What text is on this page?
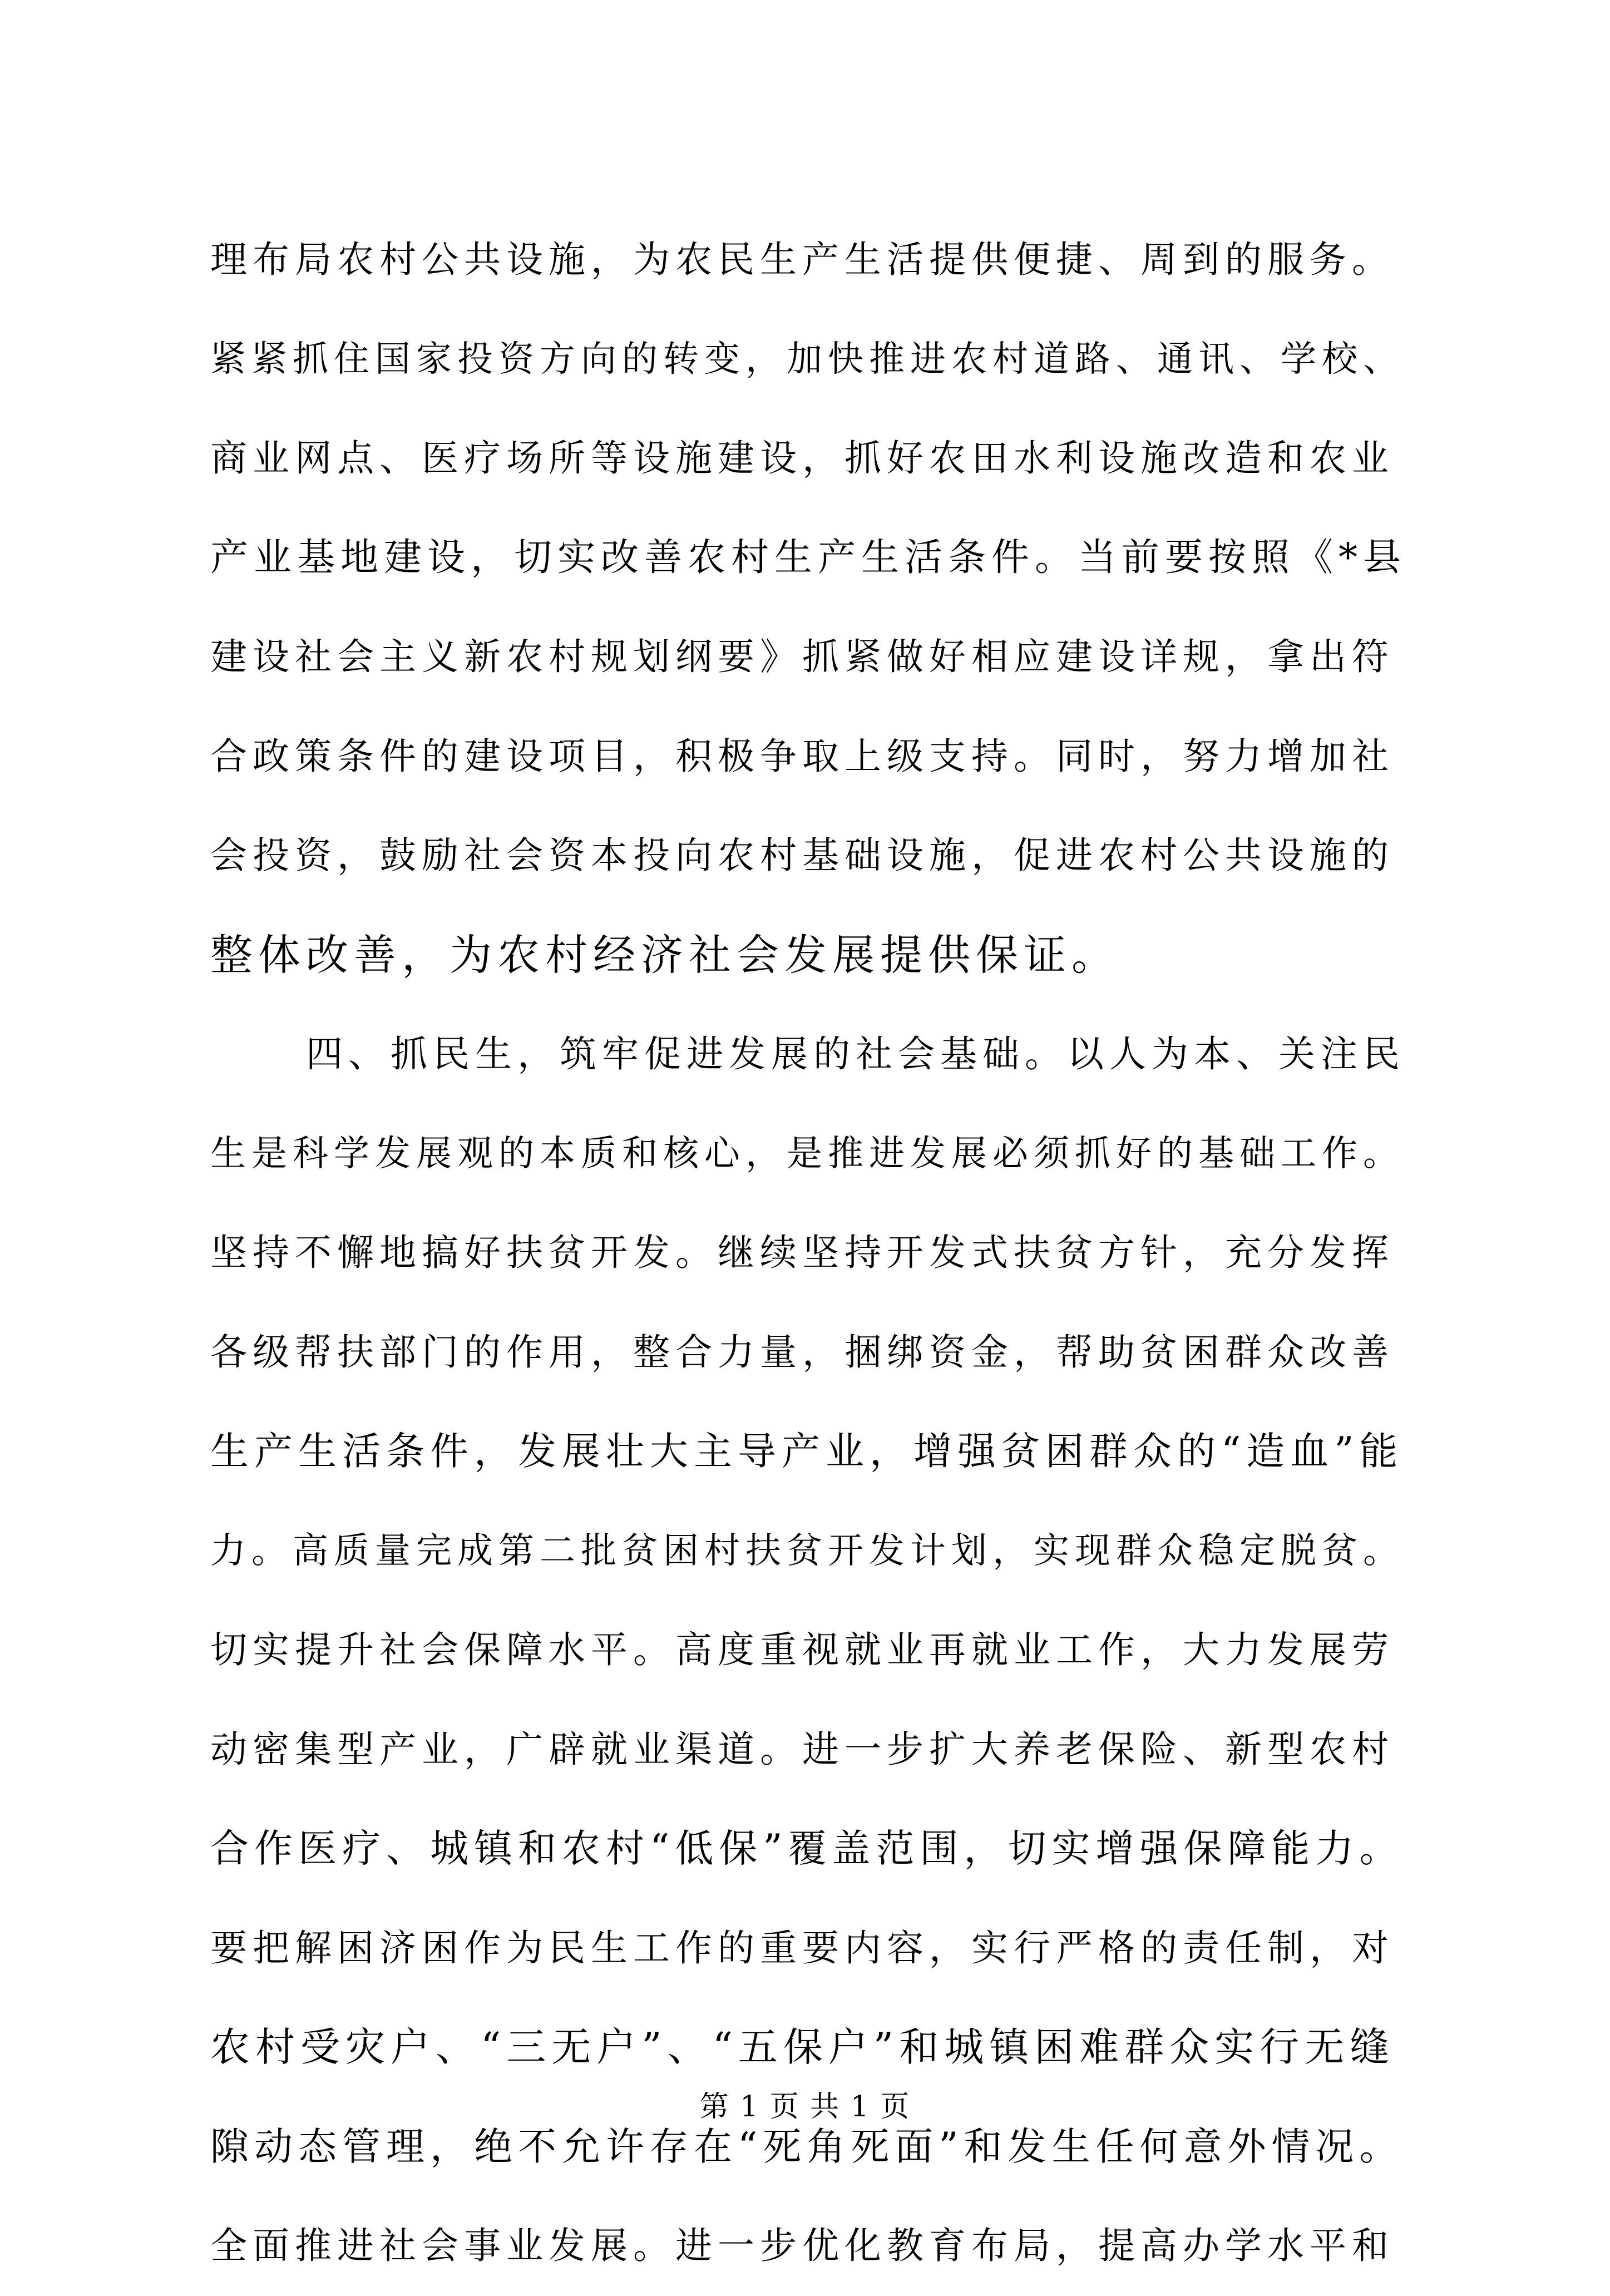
理布局农村公共设施，为农民生产生活提供便捷、周到的服务。
紧紧抓住国家投资方向的转变，加快推进农村道路、通讯、学校、
商业网点、医疗场所等设施建设，抓好农田水利设施改造和农业
产业基地建设，切实改善农村生产生活条件。当前要按照《*县
建设社会主义新农村规划纲要》抓紧做好相应建设详规，拿出符
合政策条件的建设项目，积极争取上级支持。同时，努力增加社
会投资，鼓励社会资本投向农村基础设施，促进农村公共设施的
整体改善，为农村经济社会发展提供保证。
四、抓民生，筑牢促进发展的社会基础。以人为本、关注民
生是科学发展观的本质和核心，是推进发展必须抓好的基础工作。
坚持不懈地搞好扶贫开发。继续坚持开发式扶贫方针，充分发挥
各级帮扶部门的作用，整合力量，捆绑资金，帮助贫困群众改善
生产生活条件，发展壮大主导产业，增强贫困群众的“造血”能
力。高质量完成第二批贫困村扶贫开发计划，实现群众稳定脱贫。
切实提升社会保障水平。高度重视就业再就业工作，大力发展劳
动密集型产业，广辟就业渠道。进一步扩大养老保险、新型农村
合作医疗、城镇和农村“低保”覆盖范围，切实增强保障能力。
要把解困济困作为民生工作的重要内容，实行严格的责任制，对
农村受灾户、“三无户”、“五保户”和城镇困难群众实行无缝
隙动态管理，绝不允许存在“死角死面”和发生任何意外情况。
全面推进社会事业发展。进一步优化教育布局，提高办学水平和
第 1 页 共 1 页
